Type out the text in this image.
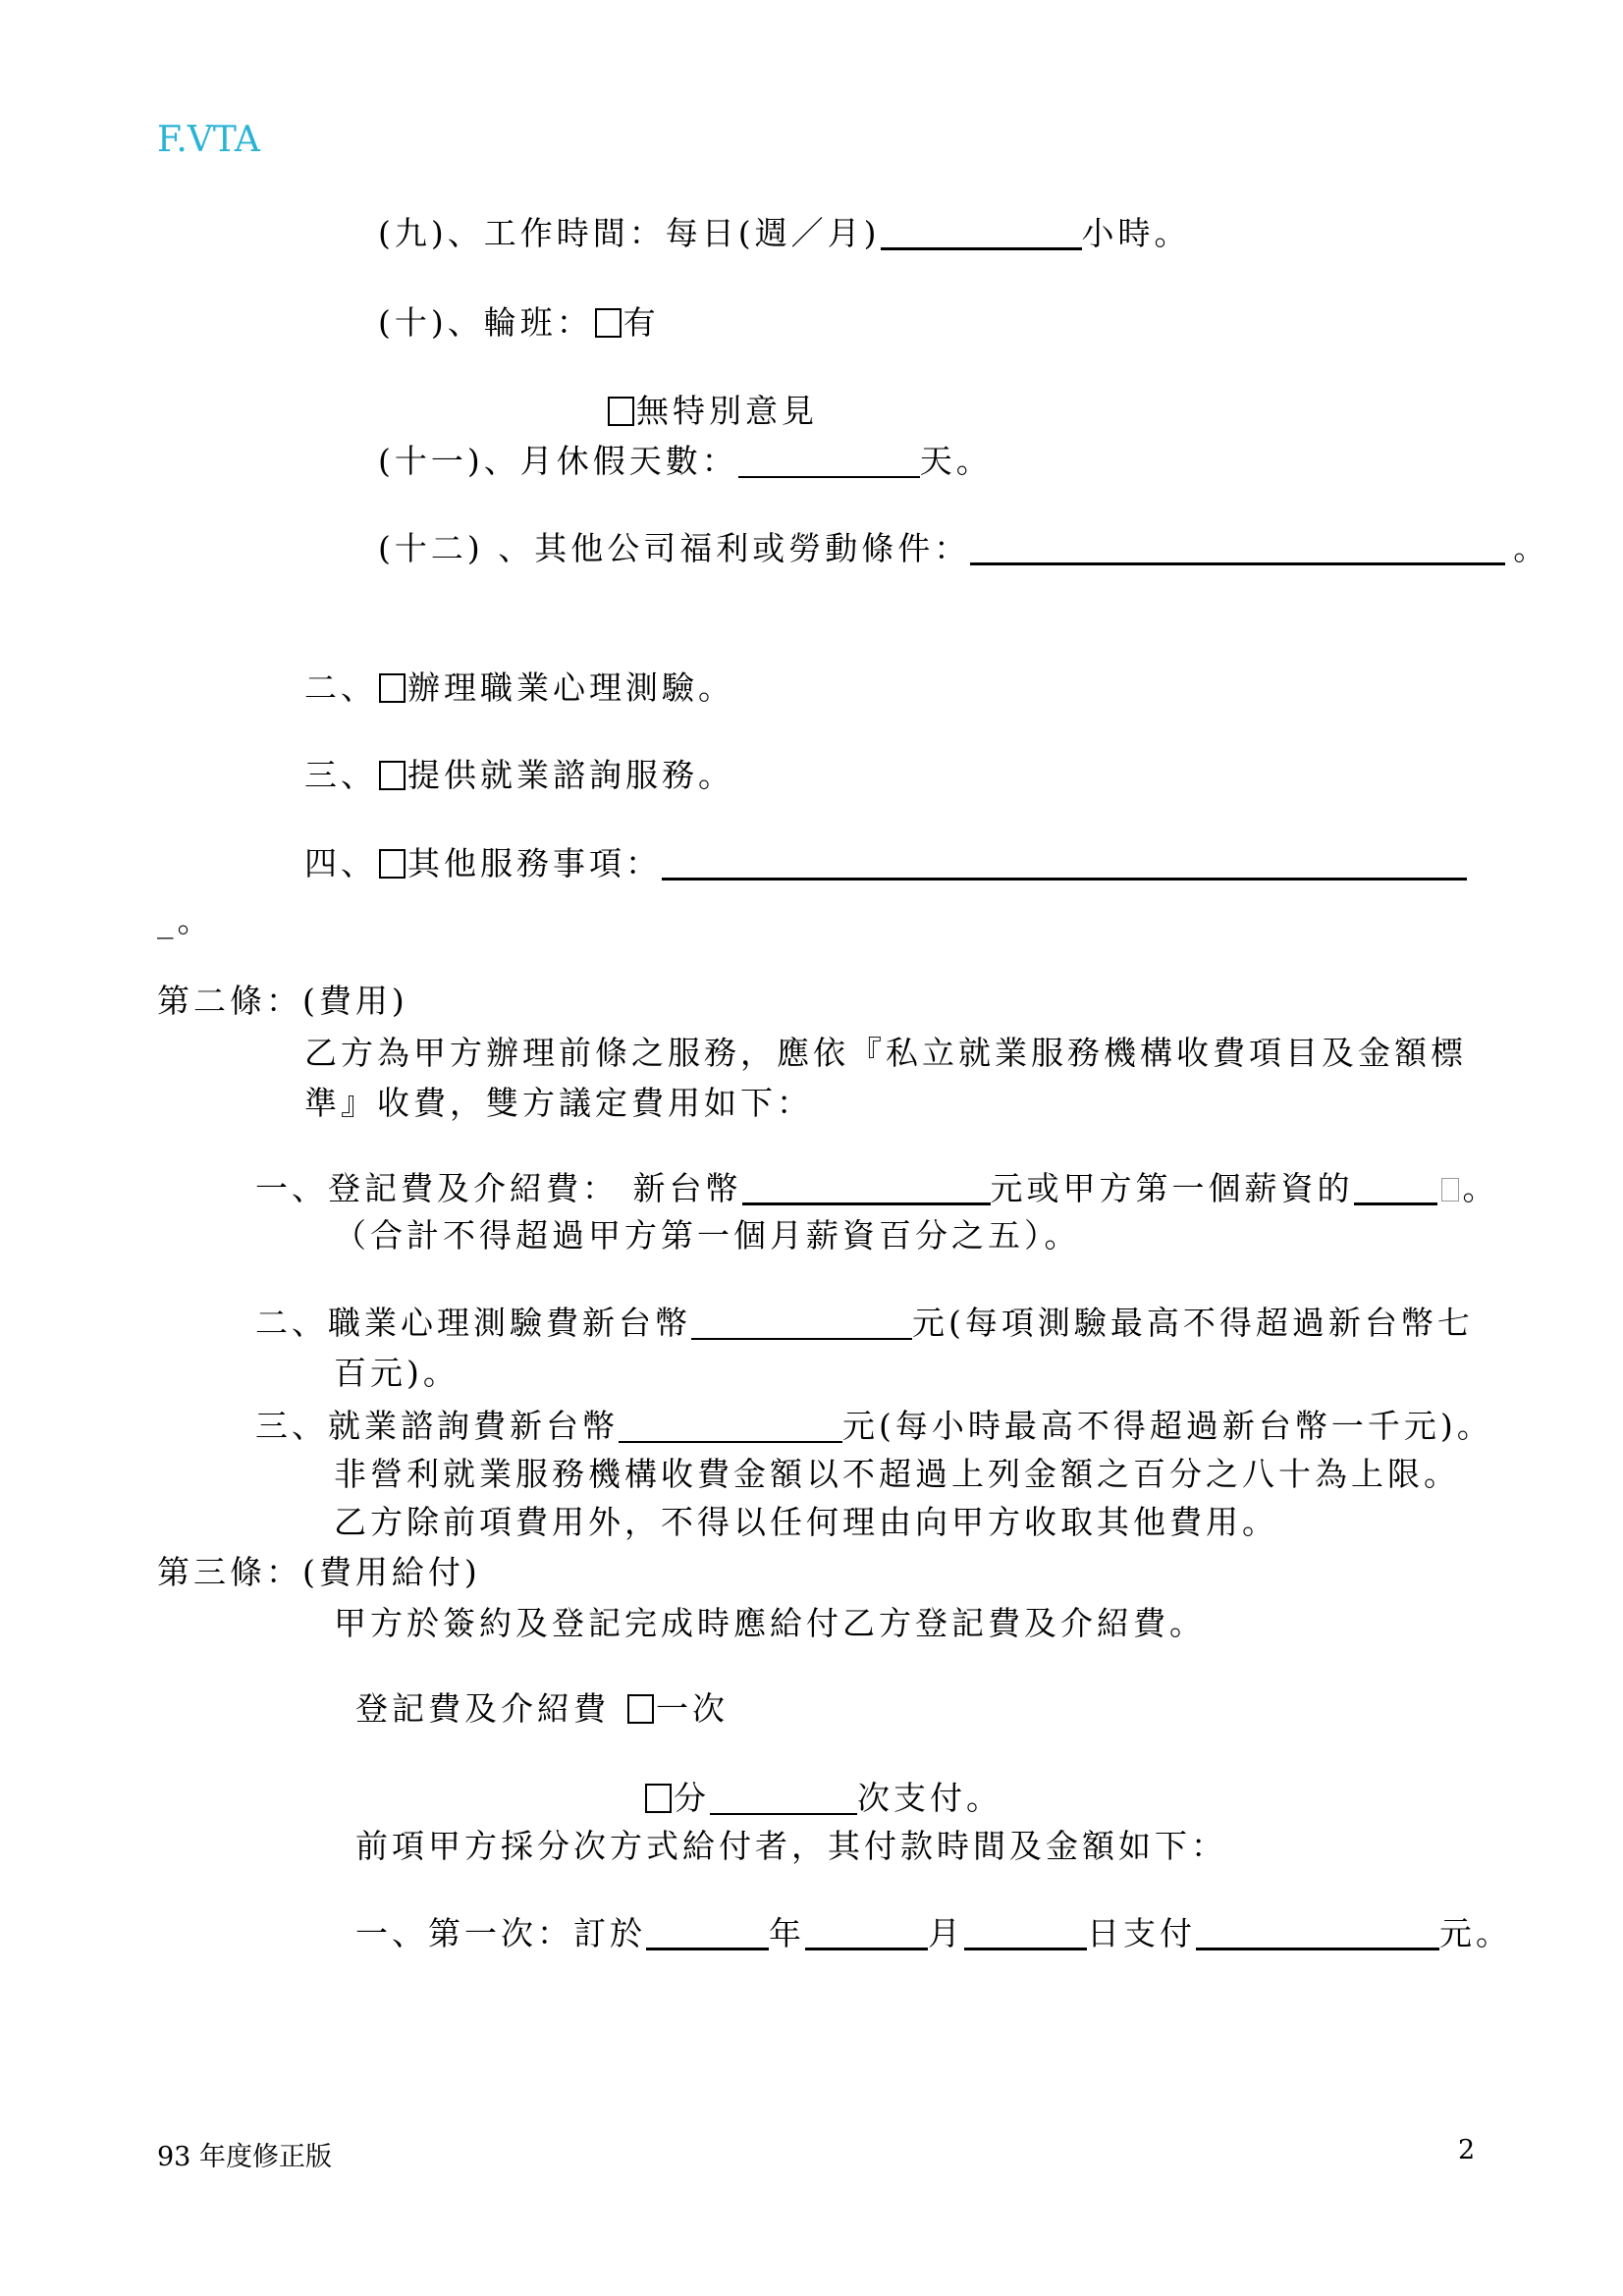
F.VTA
(九)、工作時間：每日(週／月)	小時。
(十)、輪班： 有
無特別意見
(十一)、月休假天數：	天。
(十二) 、其他公司福利或勞動條件：	。
二、 辦理職業心理測驗。
三、 提供就業諮詢服務。
四、 其他服務事項：
_。
第二條：(費用)
乙方為甲方辦理前條之服務，應依『私立就業服務機構收費項目及金額標
準』收費，雙方議定費用如下：
一、登記費及介紹費： 新台幣	元或甲方第一個薪資的	。
（合計不得超過甲方第一個月薪資百分之五）。
二、職業心理測驗費新台幣	元(每項測驗最高不得超過新台幣七
百元)。
三、就業諮詢費新台幣	元(每小時最高不得超過新台幣一千元)。
非營利就業服務機構收費金額以不超過上列金額之百分之八十為上限。
乙方除前項費用外，不得以任何理由向甲方收取其他費用。
第三條：(費用給付)
甲方於簽約及登記完成時應給付乙方登記費及介紹費。
登記費及介紹費 一次
分	次支付。
前項甲方採分次方式給付者，其付款時間及金額如下：
一、第一次：訂於	年	月	日支付	元。
93 年度修正版	2
